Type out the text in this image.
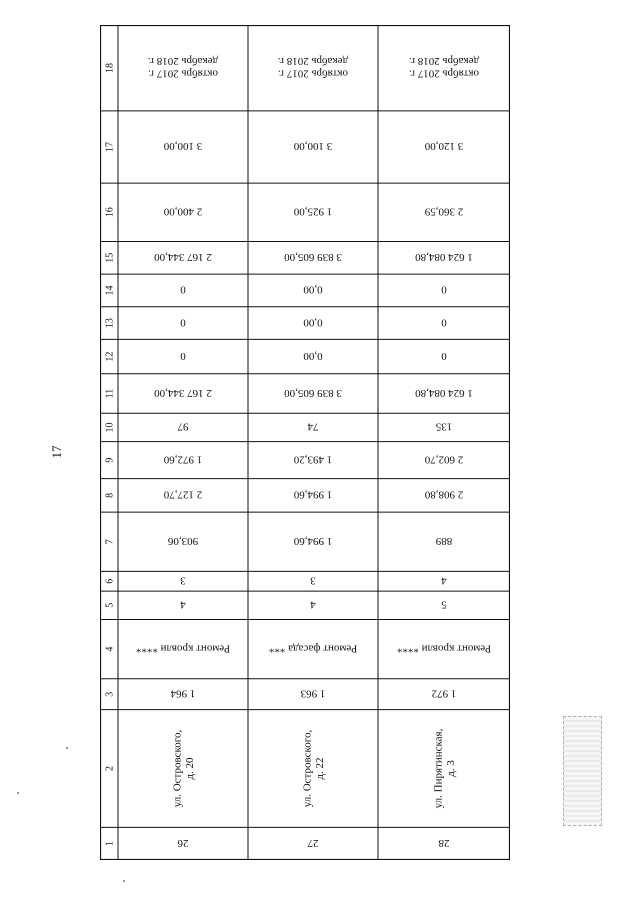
17
1
2
3
4
5
6
7
8
9
10
11
12
13
14
15
16
17
18
26
ул. Островского,д. 20
1 964
Ремонт кровли ****
4
3
903,06
2 127,70
1 972,60
97
2 167 344,00
0
0
0
2 167 344,00
2 400,00
3 100,00
октябрь 2017 г.декабрь 2018 г.
27
ул. Островского,д. 22
1 963
Ремонт фасада ***
4
3
1 994,60
1 994,60
1 493,20
74
3 839 605,00
0,00
0,00
0,00
3 839 605,00
1 925,00
3 100,00
октябрь 2017 г.декабрь 2018 г.
28
ул. Пирятинская,д. 3
1 972
Ремонт кровли ****
5
4
889
2 908,80
2 602,70
135
1 624 084,80
0
0
0
1 624 084,80
2 360,59
3 120,00
октябрь 2017 г.декабрь 2018 г.
